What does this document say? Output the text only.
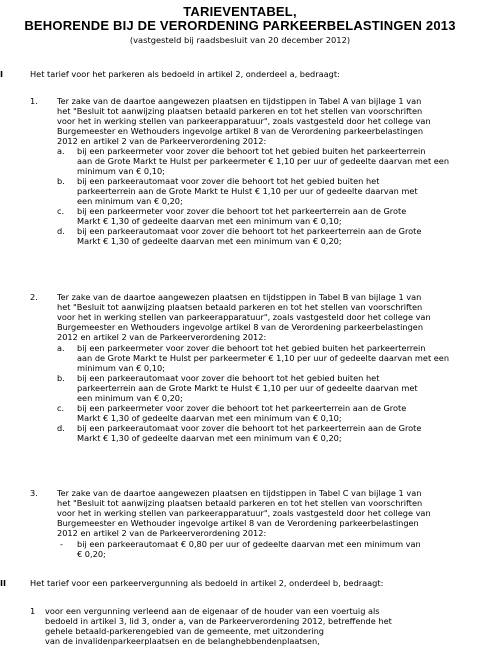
TARIEVENTABEL,
BEHORENDE BIJ DE VERORDENING PARKEERBELASTINGEN 2013
(vastgesteld bij raadsbesluit van 20 december 2012)
I	Het tarief voor het parkeren als bedoeld in artikel 2, onderdeel a, bedraagt:
1. Ter zake van de daartoe aangewezen plaatsen en tijdstippen in Tabel A van bijlage 1 van
het "Besluit tot aanwijzing plaatsen betaald parkeren en tot het stellen van voorschriften
voor het in werking stellen van parkeerapparatuur", zoals vastgesteld door het college van
Burgemeester en Wethouders ingevolge artikel 8 van de Verordening parkeerbelastingen
2012 en artikel 2 van de Parkeerverordening 2012:
a. bij een parkeermeter voor zover die behoort tot het gebied buiten het parkeerterrein
aan de Grote Markt te Hulst per parkeermeter € 1,10 per uur of gedeelte daarvan met een
minimum van € 0,10;
b. bij een parkeerautomaat voor zover die behoort tot het gebied buiten het
parkeerterrein aan de Grote Markt te Hulst € 1,10 per uur of gedeelte daarvan met
een minimum van € 0,20;
c. bij een parkeermeter voor zover die behoort tot het parkeerterrein aan de Grote
Markt € 1,30 of gedeelte daarvan met een minimum van € 0,10;
d. bij een parkeerautomaat voor zover die behoort tot het parkeerterrein aan de Grote
Markt € 1,30 of gedeelte daarvan met een minimum van € 0,20;
2. Ter zake van de daartoe aangewezen plaatsen en tijdstippen in Tabel B van bijlage 1 van
het "Besluit tot aanwijzing plaatsen betaald parkeren en tot het stellen van voorschriften
voor het in werking stellen van parkeerapparatuur", zoals vastgesteld door het college van
Burgemeester en Wethouders ingevolge artikel 8 van de Verordening parkeerbelastingen
2012 en artikel 2 van de Parkeerverordening 2012:
a. bij een parkeermeter voor zover die behoort tot het gebied buiten het parkeerterrein
aan de Grote Markt te Hulst per parkeermeter € 1,10 per uur of gedeelte daarvan met een
minimum van € 0,10;
b. bij een parkeerautomaat voor zover die behoort tot het gebied buiten het
parkeerterrein aan de Grote Markt te Hulst € 1,10 per uur of gedeelte daarvan met
een minimum van € 0,20;
c. bij een parkeermeter voor zover die behoort tot het parkeerterrein aan de Grote
Markt € 1,30 of gedeelte daarvan met een minimum van € 0,10;
d. bij een parkeerautomaat voor zover die behoort tot het parkeerterrein aan de Grote
Markt € 1,30 of gedeelte daarvan met een minimum van € 0,20;
3. Ter zake van de daartoe aangewezen plaatsen en tijdstippen in Tabel C van bijlage 1 van
het "Besluit tot aanwijzing plaatsen betaald parkeren en tot het stellen van voorschriften
voor het in werking stellen van parkeerapparatuur", zoals vastgesteld door het college van
Burgemeester en Wethouder ingevolge artikel 8 van de Verordening parkeerbelastingen
2012 en artikel 2 van de Parkeerverordening 2012:
- bij een parkeerautomaat € 0,80 per uur of gedeelte daarvan met een minimum van
€ 0,20;
II	Het tarief voor een parkeervergunning als bedoeld in artikel 2, onderdeel b, bedraagt:
1 voor een vergunning verleend aan de eigenaar of de houder van een voertuig als
bedoeld in artikel 3, lid 3, onder a, van de Parkeerverordening 2012, betreffende het
gehele betaald-parkerengebied van de gemeente, met uitzondering
van de invalidenparkeerplaatsen en de belanghebbendenplaatsen,
